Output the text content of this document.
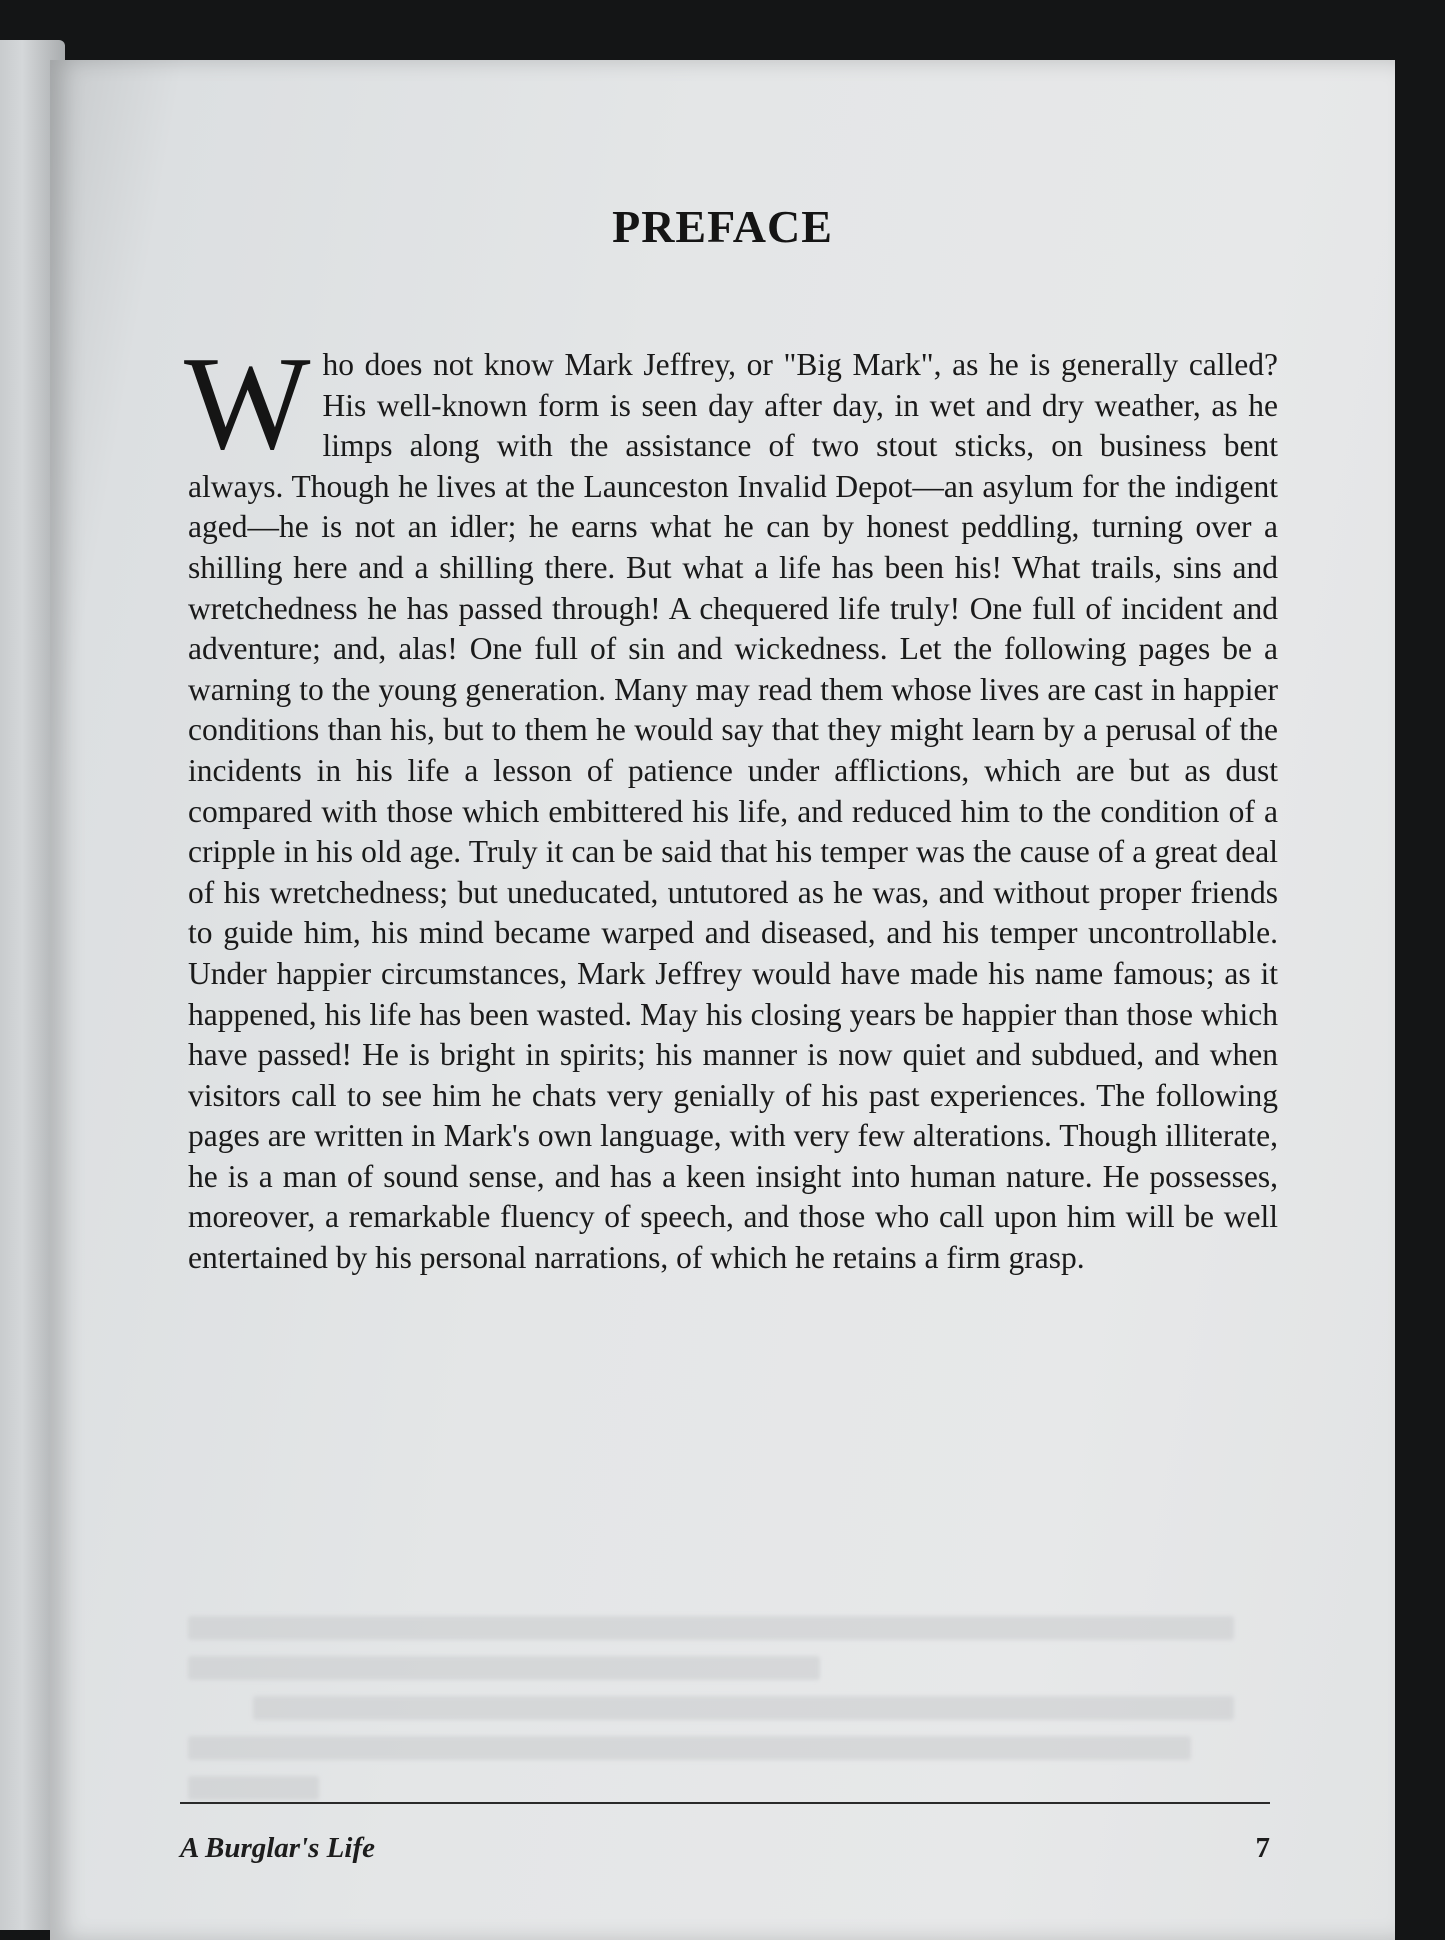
PREFACE

Who does not know Mark Jeffrey, or "Big Mark", as he is generally called? His well-known form is seen day after day, in wet and dry weather, as he limps along with the assistance of two stout sticks, on business bent always. Though he lives at the Launceston Invalid Depot—an asylum for the indigent aged—he is not an idler; he earns what he can by honest peddling, turning over a shilling here and a shilling there. But what a life has been his! What trails, sins and wretchedness he has passed through! A chequered life truly! One full of incident and adventure; and, alas! One full of sin and wickedness. Let the following pages be a warning to the young generation. Many may read them whose lives are cast in happier conditions than his, but to them he would say that they might learn by a perusal of the incidents in his life a lesson of patience under afflictions, which are but as dust compared with those which embittered his life, and reduced him to the condition of a cripple in his old age. Truly it can be said that his temper was the cause of a great deal of his wretchedness; but uneducated, untutored as he was, and without proper friends to guide him, his mind became warped and diseased, and his temper uncontrollable. Under happier circumstances, Mark Jeffrey would have made his name famous; as it happened, his life has been wasted. May his closing years be happier than those which have passed! He is bright in spirits; his manner is now quiet and subdued, and when visitors call to see him he chats very genially of his past experiences. The following pages are written in Mark's own language, with very few alterations. Though illiterate, he is a man of sound sense, and has a keen insight into human nature. He possesses, moreover, a remarkable fluency of speech, and those who call upon him will be well entertained by his personal narrations, of which he retains a firm grasp.

A Burglar's Life	7
